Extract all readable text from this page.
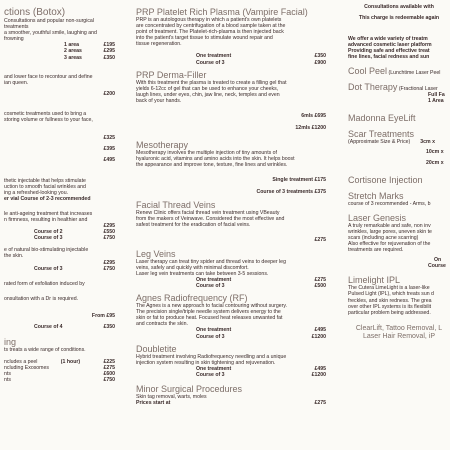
ctions (Botox)

Consultations and popular non-surgical treatments

a smoother, youthful smile, laughing and frowning

1 area	£195

2 areas	£295

3 areas	£350

and lower face to recontour and define

ian queen.

£200

cosmetic treatments used to bring a

storing volume or fullness to your face,

£325

£395

£495

thetic injectable that helps stimulate

uction to smooth facial wrinkles and

ing a refreshed-looking you.

er vial Course of 2-3 recommended

le anti-ageing treatment that increases

n firmness, resulting in healthier and

£295

Course of 2	£550

Course of 3	£750

e of natural bio-stimulating injectable

the skin.

£295

Course of 3	£750

rated form of exfoliation induced by

onsultation with a Dr is required.

From £95

Course of 4	£350

ing

ts treats a wide range of conditions.

ncludes a peel	(1 hour)	£225

ncluding Exosomes	£275

nts	£600

nts	£750

PRP Platelet Rich Plasma (Vampire Facial)

PRP is an autologous therapy in which a patient's own platelets

are concentrated by centrifugation of a blood sample taken at the

point of treatment. The Platelet-rich-plasma is then injected back

into the patient's target tissue to stimulate wound repair and

tissue regeneration.

One treatment	£350

Course of 3	£900

PRP Derma-Filler

With this treatment the plasma is treated to create a filling gel that

yields 6-12cc of gel that can be used to enhance your cheeks,

laugh lines, under eyes, chin, jaw line, neck, temples and even

back of your hands.

6mls £695

12mls £1200

Mesotherapy

Mesotherapy involves the multiple injection of tiny amounts of

hyaluronic acid, vitamins and amino acids into the skin. It helps boost

the appearance and improve tone, texture, fine lines and wrinkles.

Single treatment £175

Course of 3 treatments £375

Facial Thread Veins

Renew Clinic offers facial thread vein treatment using VBeauty

from the makers of Veinwave. Considered the most effective and

safest treatment for the eradication of facial veins.

£275

Leg Veins

Laser therapy can treat tiny spider and thread veins to deeper leg

veins, safely and quickly with minimal discomfort.

Laser leg vein treatments can take between 3-5 sessions.

One treatment	£275

Course of 3	£500

Agnes Radiofrequency (RF)

The Agnes is a new approach to facial contouring without surgery.

The precision single/triple needle system delivers energy to the

skin or fat to produce heat. Focused heat releases unwanted fat

and contracts the skin.

One treatment	£495

Course of 3	£1200

Doubletite

Hybrid treatment involving Radiofrequency needling and a unique

injection system resulting in skin tightening and rejuvenation.

One treatment	£495

Course of 3	£1200

Minor Surgical Procedures

Skin tag removal, warts, moles

Prices start at	£275

Consultations available with

This charge is redeemable again

We offer a wide variety of treatm

advanced cosmetic laser platform

Providing safe and effective treat

fine lines, facial redness and sun

Cool Peel (Lunchtime Laser Peel

Dot Therapy (Fractional Laser

Full Fa

1 Area

Madonna EyeLift

Scar Treatments

(Approximate Size & Price) 3cm x

10cm x

20cm x

Cortisone Injection

Stretch Marks

course of 3 recommended - Arms, b

Laser Genesis

A truly remarkable and safe, non inv

wrinkles, large pores, uneven skin te

scars (including acne scarring)

Also effective for rejuvenation of the

treatments are required.

On

Course

Limelight IPL

The Cutera LimeLight is a laser-like

Pulsed Light (IPL), which treats sun d

freckles, and skin redness. The grea

over other IPL systems is its flexibilit

particular problem being addressed.

ClearLift, Tattoo Removal, L

Laser Hair Removal, iP
